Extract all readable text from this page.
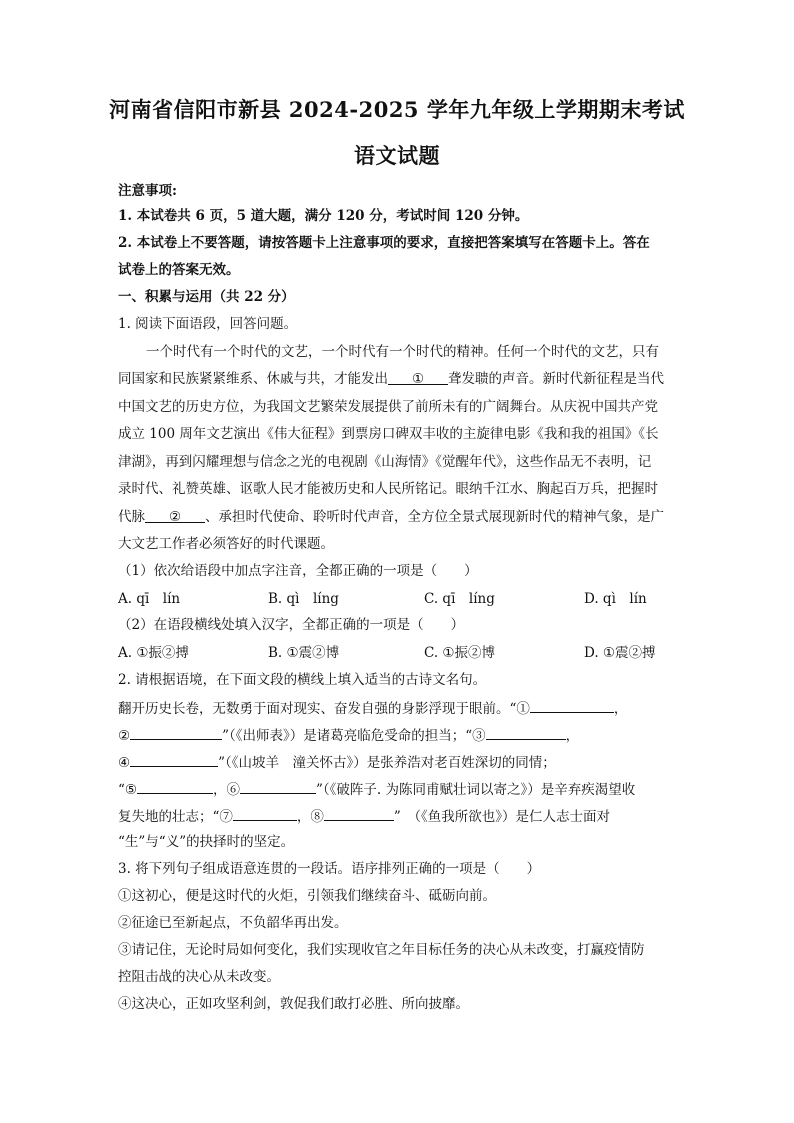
河南省信阳市新县 2024-2025 学年九年级上学期期末考试
语文试题
注意事项:
1. 本试卷共 6 页，5 道大题，满分 120 分，考试时间 120 分钟。
2. 本试卷上不要答题，请按答题卡上注意事项的要求，直接把答案填写在答题卡上。答在
试卷上的答案无效。
一、积累与运用（共 22 分）
1. 阅读下面语段，回答问题。
一个时代有一个时代的文艺，一个时代有一个时代的精神。任何一个时代的文艺，只有
同国家和民族紧紧维系、休戚与共，才能发出 ① 聋发聩的声音。新时代新征程是当代
中国文艺的历史方位，为我国文艺繁荣发展提供了前所未有的广阔舞台。从庆祝中国共产党
成立 100 周年文艺演出《伟大征程》到票房口碑双丰收的主旋律电影《我和我的祖国》《长
津湖》，再到闪耀理想与信念之光的电视剧《山海情》《觉醒年代》，这些作品无不表明，记
录时代、礼赞英雄、讴歌人民才能被历史和人民所铭记。眼纳千江水、胸起百万兵，把握时
代脉 ② 、承担时代使命、聆听时代声音，全方位全景式展现新时代的精神气象，是广
大文艺工作者必须答好的时代课题。
（1）依次给语段中加点字注音，全都正确的一项是（　　）
A. qī　lín	B. qì　líng	C. qī　líng	D. qì　lín
（2）在语段横线处填入汉字，全都正确的一项是（　　）
A. ①振②搏	B. ①震②博	C. ①振②博	D. ①震②搏
2. 请根据语境，在下面文段的横线上填入适当的古诗文名句。
翻开历史长卷，无数勇于面对现实、奋发自强的身影浮现于眼前。“①	，
②	”（《出师表》）是诸葛亮临危受命的担当；“③	，
④	”（《山坡羊　潼关怀古》）是张养浩对老百姓深切的同情；
“⑤	，⑥	”（《破阵子. 为陈同甫赋壮词以寄之》）是辛弃疾渴望收
复失地的壮志；“⑦	，⑧	”　（《鱼我所欲也》）是仁人志士面对
“生”与“义”的抉择时的坚定。
3. 将下列句子组成语意连贯的一段话。语序排列正确的一项是（　　）
①这初心，便是这时代的火炬，引领我们继续奋斗、砥砺向前。
②征途已至新起点，不负韶华再出发。
③请记住，无论时局如何变化，我们实现收官之年目标任务的决心从未改变，打赢疫情防
控阻击战的决心从未改变。
④这决心，正如攻坚利剑，敦促我们敢打必胜、所向披靡。
